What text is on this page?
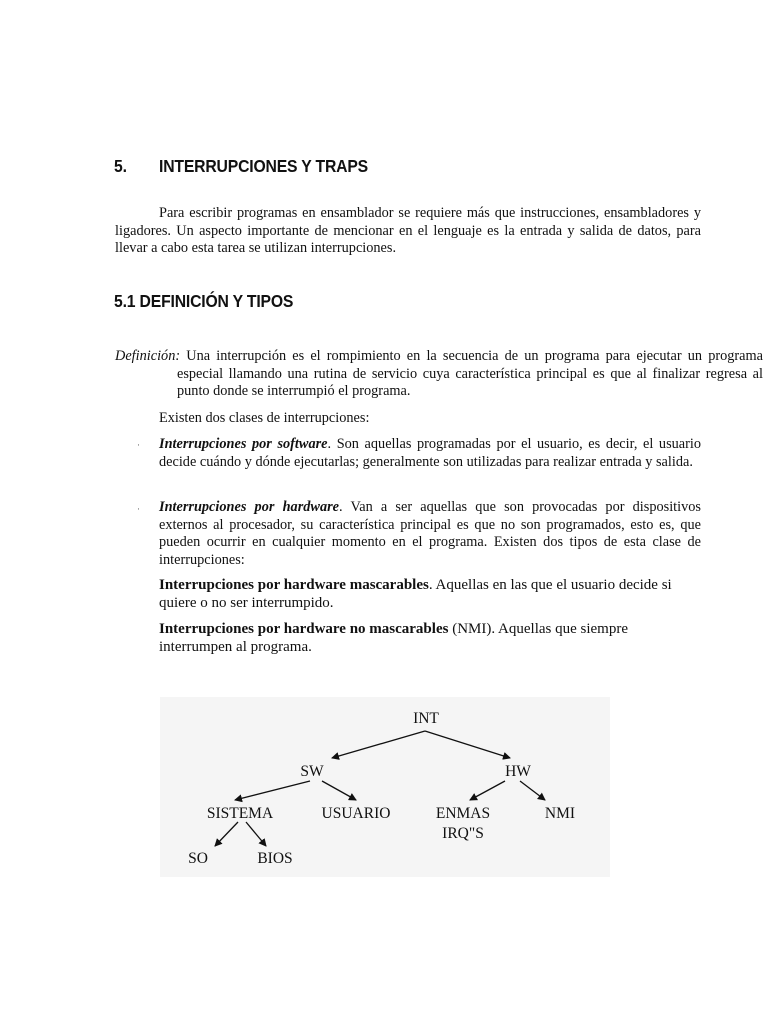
5. INTERRUPCIONES Y TRAPS
Para escribir programas en ensamblador se requiere más que instrucciones, ensambladores y ligadores. Un aspecto importante de mencionar en el lenguaje es la entrada y salida de datos, para llevar a cabo esta tarea se utilizan interrupciones.
5.1 DEFINICIÓN Y TIPOS
Definición: Una interrupción es el rompimiento en la secuencia de un programa para ejecutar un programa especial llamando una rutina de servicio cuya característica principal es que al finalizar regresa al punto donde se interrumpió el programa.
Existen dos clases de interrupciones:
· Interrupciones por software. Son aquellas programadas por el usuario, es decir, el usuario decide cuándo y dónde ejecutarlas; generalmente son utilizadas para realizar entrada y salida.
· Interrupciones por hardware. Van a ser aquellas que son provocadas por dispositivos externos al procesador, su característica principal es que no son programados, esto es, que pueden ocurrir en cualquier momento en el programa. Existen dos tipos de esta clase de interrupciones:
Interrupciones por hardware mascarables. Aquellas en las que el usuario decide si quiere o no ser interrumpido.
Interrupciones por hardware no mascarables (NMI). Aquellas que siempre interrumpen al programa.
INT
SW	HW
SISTEMA	USUARIO	ENMAS
IRQ"S
NMI
SO	BIOS
